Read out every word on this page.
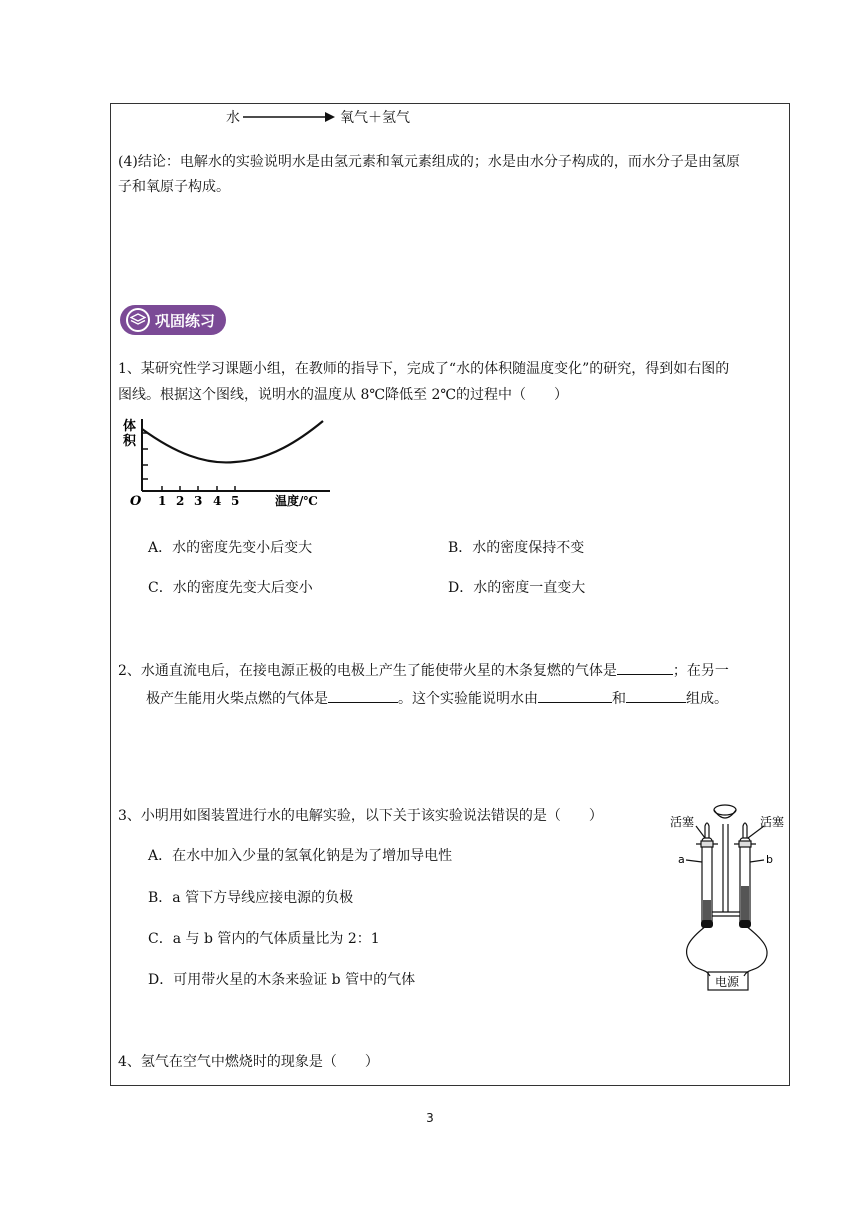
水	氧气＋氢气
(4)结论：电解水的实验说明水是由氢元素和氧元素组成的；水是由水分子构成的，而水分子是由氢原
子和氧原子构成。
巩固练习
1、某研究性学习课题小组，在教师的指导下，完成了“水的体积随温度变化”的研究，得到如右图的
图线。根据这个图线，说明水的温度从 8℃降低至 2℃的过程中（　　）
体
积
O 1 2 3 4 5	温度/℃
A．水的密度先变小后变大	B．水的密度保持不变
C．水的密度先变大后变小	D．水的密度一直变大
2、水通直流电后，在接电源正极的电极上产生了能使带火星的木条复燃的气体是	；在另一
极产生能用火柴点燃的气体是	。这个实验能说明水由	和	组成。
3、小明用如图装置进行水的电解实验，以下关于该实验说法错误的是（　　）
A．在水中加入少量的氢氧化钠是为了增加导电性
B．a 管下方导线应接电源的负极
C．a 与 b 管内的气体质量比为 2：1
D．可用带火星的木条来验证 b 管中的气体
活塞	活塞
a	b
电源
4、氢气在空气中燃烧时的现象是（　　）
3
